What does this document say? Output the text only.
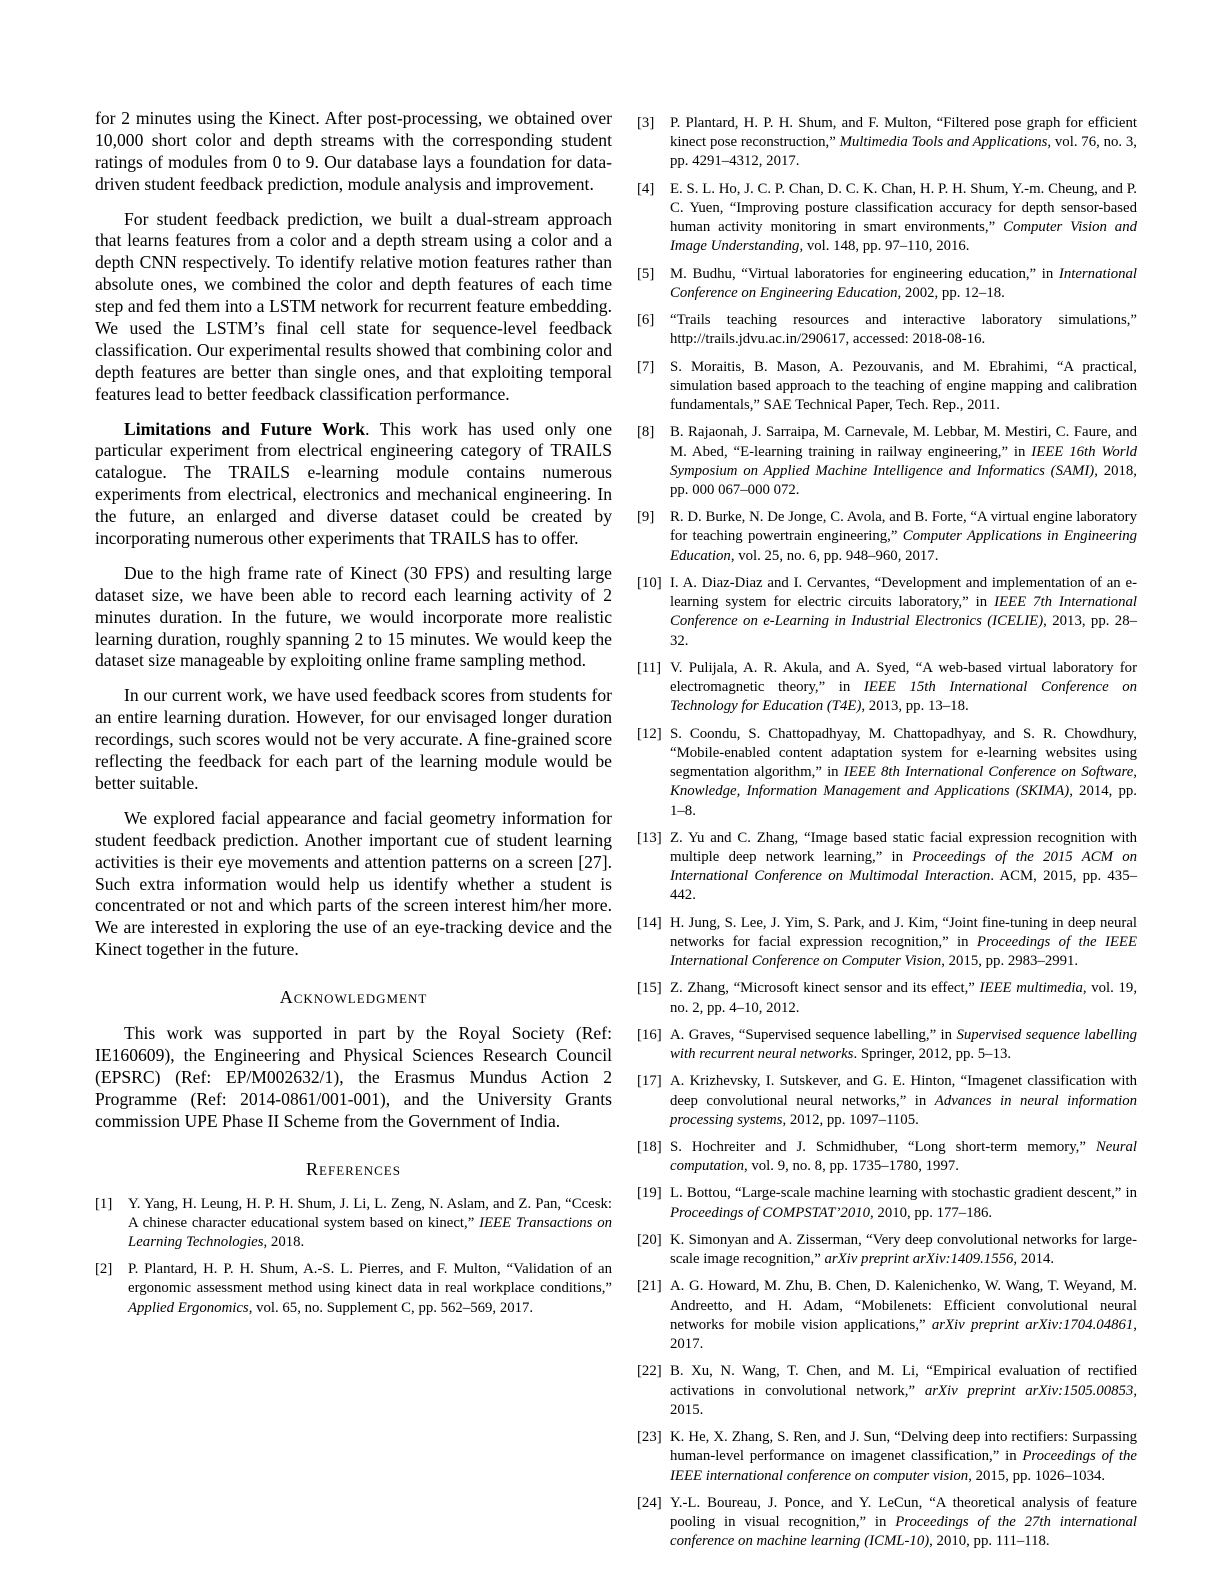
for 2 minutes using the Kinect. After post-processing, we obtained over 10,000 short color and depth streams with the corresponding student ratings of modules from 0 to 9. Our database lays a foundation for data-driven student feedback prediction, module analysis and improvement.

For student feedback prediction, we built a dual-stream approach that learns features from a color and a depth stream using a color and a depth CNN respectively. To identify relative motion features rather than absolute ones, we combined the color and depth features of each time step and fed them into a LSTM network for recurrent feature embedding. We used the LSTM’s final cell state for sequence-level feedback classification. Our experimental results showed that combining color and depth features are better than single ones, and that exploiting temporal features lead to better feedback classification performance.

Limitations and Future Work. This work has used only one particular experiment from electrical engineering category of TRAILS catalogue. The TRAILS e-learning module contains numerous experiments from electrical, electronics and mechanical engineering. In the future, an enlarged and diverse dataset could be created by incorporating numerous other experiments that TRAILS has to offer.

Due to the high frame rate of Kinect (30 FPS) and resulting large dataset size, we have been able to record each learning activity of 2 minutes duration. In the future, we would incorporate more realistic learning duration, roughly spanning 2 to 15 minutes. We would keep the dataset size manageable by exploiting online frame sampling method.

In our current work, we have used feedback scores from students for an entire learning duration. However, for our envisaged longer duration recordings, such scores would not be very accurate. A fine-grained score reflecting the feedback for each part of the learning module would be better suitable.

We explored facial appearance and facial geometry information for student feedback prediction. Another important cue of student learning activities is their eye movements and attention patterns on a screen [27]. Such extra information would help us identify whether a student is concentrated or not and which parts of the screen interest him/her more. We are interested in exploring the use of an eye-tracking device and the Kinect together in the future.

Acknowledgment

This work was supported in part by the Royal Society (Ref: IE160609), the Engineering and Physical Sciences Research Council (EPSRC) (Ref: EP/M002632/1), the Erasmus Mundus Action 2 Programme (Ref: 2014-0861/001-001), and the University Grants commission UPE Phase II Scheme from the Government of India.

References
[1]	Y. Yang, H. Leung, H. P. H. Shum, J. Li, L. Zeng, N. Aslam, and Z. Pan, “Ccesk: A chinese character educational system based on kinect,” IEEE Transactions on Learning Technologies, 2018.
[2]	P. Plantard, H. P. H. Shum, A.-S. L. Pierres, and F. Multon, “Validation of an ergonomic assessment method using kinect data in real workplace conditions,” Applied Ergonomics, vol. 65, no. Supplement C, pp. 562–569, 2017.
[3]	P. Plantard, H. P. H. Shum, and F. Multon, “Filtered pose graph for efficient kinect pose reconstruction,” Multimedia Tools and Applications, vol. 76, no. 3, pp. 4291–4312, 2017.
[4]	E. S. L. Ho, J. C. P. Chan, D. C. K. Chan, H. P. H. Shum, Y.-m. Cheung, and P. C. Yuen, “Improving posture classification accuracy for depth sensor-based human activity monitoring in smart environments,” Computer Vision and Image Understanding, vol. 148, pp. 97–110, 2016.
[5]	M. Budhu, “Virtual laboratories for engineering education,” in International Conference on Engineering Education, 2002, pp. 12–18.
[6]	“Trails teaching resources and interactive laboratory simulations,” http://trails.jdvu.ac.in/290617, accessed: 2018-08-16.
[7]	S. Moraitis, B. Mason, A. Pezouvanis, and M. Ebrahimi, “A practical, simulation based approach to the teaching of engine mapping and calibration fundamentals,” SAE Technical Paper, Tech. Rep., 2011.
[8]	B. Rajaonah, J. Sarraipa, M. Carnevale, M. Lebbar, M. Mestiri, C. Faure, and M. Abed, “E-learning training in railway engineering,” in IEEE 16th World Symposium on Applied Machine Intelligence and Informatics (SAMI), 2018, pp. 000 067–000 072.
[9]	R. D. Burke, N. De Jonge, C. Avola, and B. Forte, “A virtual engine laboratory for teaching powertrain engineering,” Computer Applications in Engineering Education, vol. 25, no. 6, pp. 948–960, 2017.
[10] I. A. Diaz-Diaz and I. Cervantes, “Development and implementation of an e-learning system for electric circuits laboratory,” in IEEE 7th International Conference on e-Learning in Industrial Electronics (ICELIE), 2013, pp. 28–32.
[11] V. Pulijala, A. R. Akula, and A. Syed, “A web-based virtual laboratory for electromagnetic theory,” in IEEE 15th International Conference on Technology for Education (T4E), 2013, pp. 13–18.
[12] S. Coondu, S. Chattopadhyay, M. Chattopadhyay, and S. R. Chowdhury, “Mobile-enabled content adaptation system for e-learning websites using segmentation algorithm,” in IEEE 8th International Conference on Software, Knowledge, Information Management and Applications (SKIMA), 2014, pp. 1–8.
[13] Z. Yu and C. Zhang, “Image based static facial expression recognition with multiple deep network learning,” in Proceedings of the 2015 ACM on International Conference on Multimodal Interaction. ACM, 2015, pp. 435–442.
[14] H. Jung, S. Lee, J. Yim, S. Park, and J. Kim, “Joint fine-tuning in deep neural networks for facial expression recognition,” in Proceedings of the IEEE International Conference on Computer Vision, 2015, pp. 2983–2991.
[15] Z. Zhang, “Microsoft kinect sensor and its effect,” IEEE multimedia, vol. 19, no. 2, pp. 4–10, 2012.
[16] A. Graves, “Supervised sequence labelling,” in Supervised sequence labelling with recurrent neural networks. Springer, 2012, pp. 5–13.
[17] A. Krizhevsky, I. Sutskever, and G. E. Hinton, “Imagenet classification with deep convolutional neural networks,” in Advances in neural information processing systems, 2012, pp. 1097–1105.
[18] S. Hochreiter and J. Schmidhuber, “Long short-term memory,” Neural computation, vol. 9, no. 8, pp. 1735–1780, 1997.
[19] L. Bottou, “Large-scale machine learning with stochastic gradient descent,” in Proceedings of COMPSTAT’2010, 2010, pp. 177–186.
[20] K. Simonyan and A. Zisserman, “Very deep convolutional networks for large-scale image recognition,” arXiv preprint arXiv:1409.1556, 2014.
[21] A. G. Howard, M. Zhu, B. Chen, D. Kalenichenko, W. Wang, T. Weyand, M. Andreetto, and H. Adam, “Mobilenets: Efficient convolutional neural networks for mobile vision applications,” arXiv preprint arXiv:1704.04861, 2017.
[22] B. Xu, N. Wang, T. Chen, and M. Li, “Empirical evaluation of rectified activations in convolutional network,” arXiv preprint arXiv:1505.00853, 2015.
[23] K. He, X. Zhang, S. Ren, and J. Sun, “Delving deep into rectifiers: Surpassing human-level performance on imagenet classification,” in Proceedings of the IEEE international conference on computer vision, 2015, pp. 1026–1034.
[24] Y.-L. Boureau, J. Ponce, and Y. LeCun, “A theoretical analysis of feature pooling in visual recognition,” in Proceedings of the 27th international conference on machine learning (ICML-10), 2010, pp. 111–118.
